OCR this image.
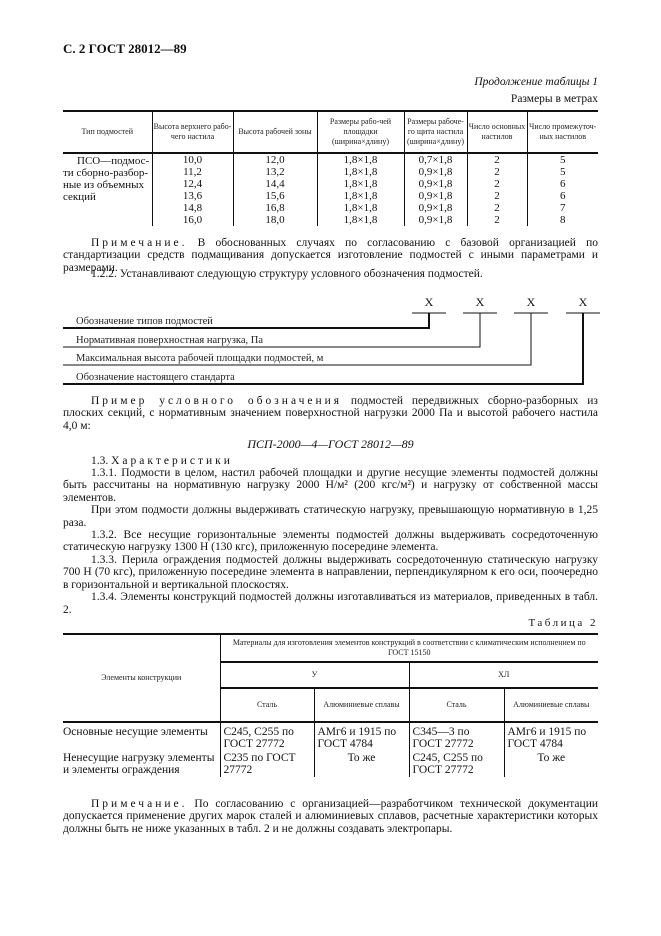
С. 2 ГОСТ 28012—89
Продолжение таблицы 1
Размеры в метрах
Тип подмостей	Высота верхнего рабо-чего настила	Высота рабочей зоны	Размеры рабо-чей площадки (ширинa×длину)	Размеры рабоче-го щита настила (ширинa×длину)	Число основных настилов	Число промежуточ-ных настилов
ПСО—подмос-ти сборно-разбор-ные из объемных секций	10,0	12,0	1,8×1,8	0,7×1,8	2	5
	11,2	13,2	1,8×1,8	0,9×1,8	2	5
	12,4	14,4	1,8×1,8	0,9×1,8	2	6
	13,6	15,6	1,8×1,8	0,9×1,8	2	6
	14,8	16,8	1,8×1,8	0,9×1,8	2	7
	16,0	18,0	1,8×1,8	0,9×1,8	2	8
Примечание. В обоснованных случаях по согласованию с базовой организацией по стандартизации средств подмащивания допускается изготовление подмостей с иными параметрами и размерами.
1.2.2. Устанавливают следующую структуру условного обозначения подмостей.
X	X	X	X
Обозначение типов подмостей
Нормативная поверхностная нагрузка, Па
Максимальная высота рабочей площадки подмостей, м
Обозначение настоящего стандарта
Пример условного обозначения подмостей передвижных сборно-разборных из плоских секций, с нормативным значением поверхностной нагрузки 2000 Па и высотой рабочего настила 4,0 м:
ПСП-2000—4—ГОСТ 28012—89
1.3. Характеристики
1.3.1. Подмости в целом, настил рабочей площадки и другие несущие элементы подмостей должны быть рассчитаны на нормативную нагрузку 2000 Н/м² (200 кгс/м²) и нагрузку от собственной массы элементов.
При этом подмости должны выдерживать статическую нагрузку, превышающую нормативную в 1,25 раза.
1.3.2. Все несущие горизонтальные элементы подмостей должны выдерживать сосредоточенную статическую нагрузку 1300 Н (130 кгс), приложенную посередине элемента.
1.3.3. Перила ограждения подмостей должны выдерживать сосредоточенную статическую нагрузку 700 Н (70 кгс), приложенную посередине элемента в направлении, перпендикулярном к его оси, поочередно в горизонтальной и вертикальной плоскостях.
1.3.4. Элементы конструкций подмостей должны изготавливаться из материалов, приведенных в табл. 2.
Таблица 2
Элементы конструкции	Материалы для изготовления элементов конструкций в соответствии с климатическим исполнением по ГОСТ 15150			
	У		ХЛ	
	Сталь	Алюминиевые сплавы	Сталь	Алюминиевые сплавы
Основные несущие элементы	С245, С255 по ГОСТ 27772	АМг6 и 1915 по ГОСТ 4784	С345—3 по ГОСТ 27772	АМг6 и 1915 по ГОСТ 4784
Ненесущие нагрузку элементы и элементы ограждения	С235 по ГОСТ 27772	То же	С245, С255 по ГОСТ 27772	То же
Примечание. По согласованию с организацией—разработчиком технической документации допускается применение других марок сталей и алюминиевых сплавов, расчетные характеристики которых должны быть не ниже указанных в табл. 2 и не должны создавать электропары.
